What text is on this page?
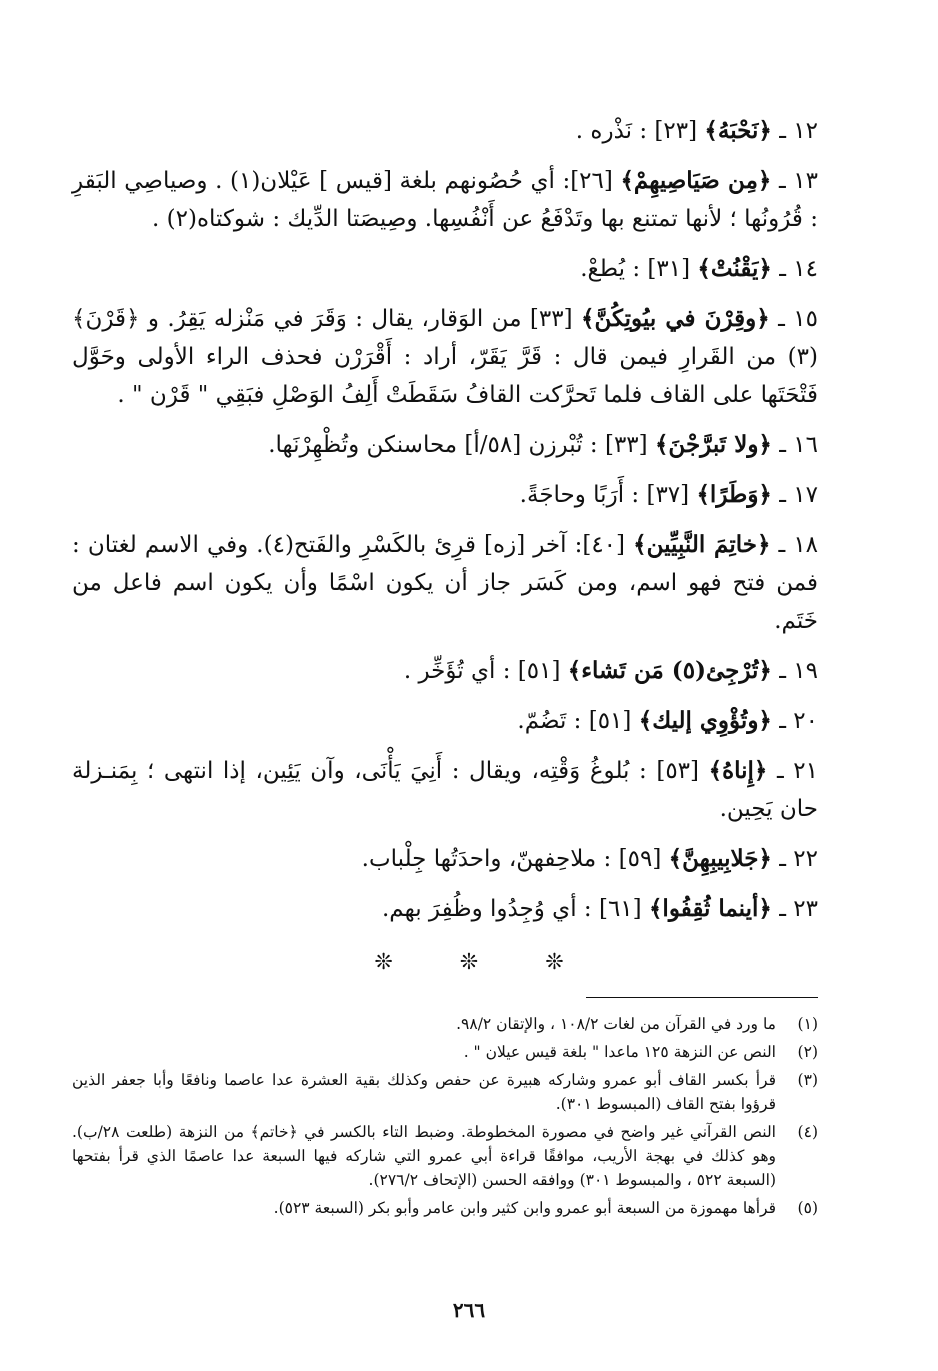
١٢ ـ ﴿نَحْبَهُ﴾ [٢٣] : نَذْره .

١٣ ـ ﴿مِن صَيَاصِيهِمْ﴾ [٢٦]: أي حُصُونهم بلغة [قيس ] عَيْلان(١) . وصياصِي البَقرِ : قُرُونُها ؛ لأنها تمتنع بها وتَدْفَعُ عن أَنْفُسِها. وصِيصَتا الدِّيك : شوكتاه(٢) .

١٤ ـ ﴿يَقْنُتْ﴾ [٣١] : يُطعْ.

١٥ ـ ﴿وقِرْنَ في بيُوتِكُنَّ﴾ [٣٣] من الوَقار، يقال : وَقَرَ في مَنْزله يَقِرُ. و ﴿قَرْنَ﴾(٣) من القَرارِ فيمن قال : قَرَّ يَقَرّ، أراد : أَقْرَرْن فحذف الراء الأولى وحَوَّل فَتْحَتَها على القاف فلما تَحرَّكت القافُ سَقَطَتْ أَلِفُ الوَصْلِ فبَقِي " قَرْن " .

١٦ ـ ﴿ولا تَبرَّجْنَ﴾ [٣٣] : تُبْرزن [٥٨/أ] محاسنكن وتُظْهِرْنَها.

١٧ ـ ﴿وَطَرًا﴾ [٣٧] : أَرَبًا وحاجَةً.

١٨ ـ ﴿خاتِمَ النَّبِيِّين﴾ [٤٠]: آخر [زه] قرِئ بالكَسْرِ والفَتح(٤). وفي الاسم لغتان : فمن فتح فهو اسم، ومن كَسَر جاز أن يكون اسْمًا وأن يكون اسم فاعل من خَتَم.

١٩ ـ ﴿تُرْجِئ(٥) مَن تَشاء﴾ [٥١] : أي تُؤَخِّر .

٢٠ ـ ﴿وتُؤْوِي إليك﴾ [٥١] : تَضُمّ.

٢١ ـ ﴿إِناهُ﴾ [٥٣] : بُلوغُ وَقْتِه، ويقال : أَنِيَ يَأْنَى، وآن يَئِين، إذا انتهى ؛ بِمَنـزلة حان يَحِين.

٢٢ ـ ﴿جَلابِيبِهِنَّ﴾ [٥٩] : ملاحِفهنّ، واحدَتُها جِلْباب.

٢٣ ـ ﴿أينما ثُقِفُوا﴾ [٦١] : أي وُجِدُوا وظُفِرَ بهم.

❊	❊	❊
(١)
ما ورد في القرآن من لغات ١٠٨/٢ ، والإتقان ٩٨/٢.
(٢)
النص عن النزهة ١٢٥ ماعدا " بلغة قيس عيلان " .
(٣)
قرأ بكسر القاف أبو عمرو وشاركه هبيرة عن حفص وكذلك بقية العشرة عدا عاصما ونافعًا وأبا جعفر الذين قرؤوا بفتح القاف (المبسوط ٣٠١).
(٤)
النص القرآني غير واضح في مصورة المخطوطة. وضبط التاء بالكسر في ﴿خاتم﴾ من النزهة (طلعت ٢٨/ب). وهو كذلك في بهجة الأريب، موافقًا قراءة أبي عمرو التي شاركه فيها السبعة عدا عاصمًا الذي قرأ بفتحها (السبعة ٥٢٢ ، والمبسوط ٣٠١) ووافقه الحسن (الإتحاف ٢٧٦/٢).
(٥)
قرأها مهموزة من السبعة أبو عمرو وابن كثير وابن عامر وأبو بكر (السبعة ٥٢٣).
٢٦٦
